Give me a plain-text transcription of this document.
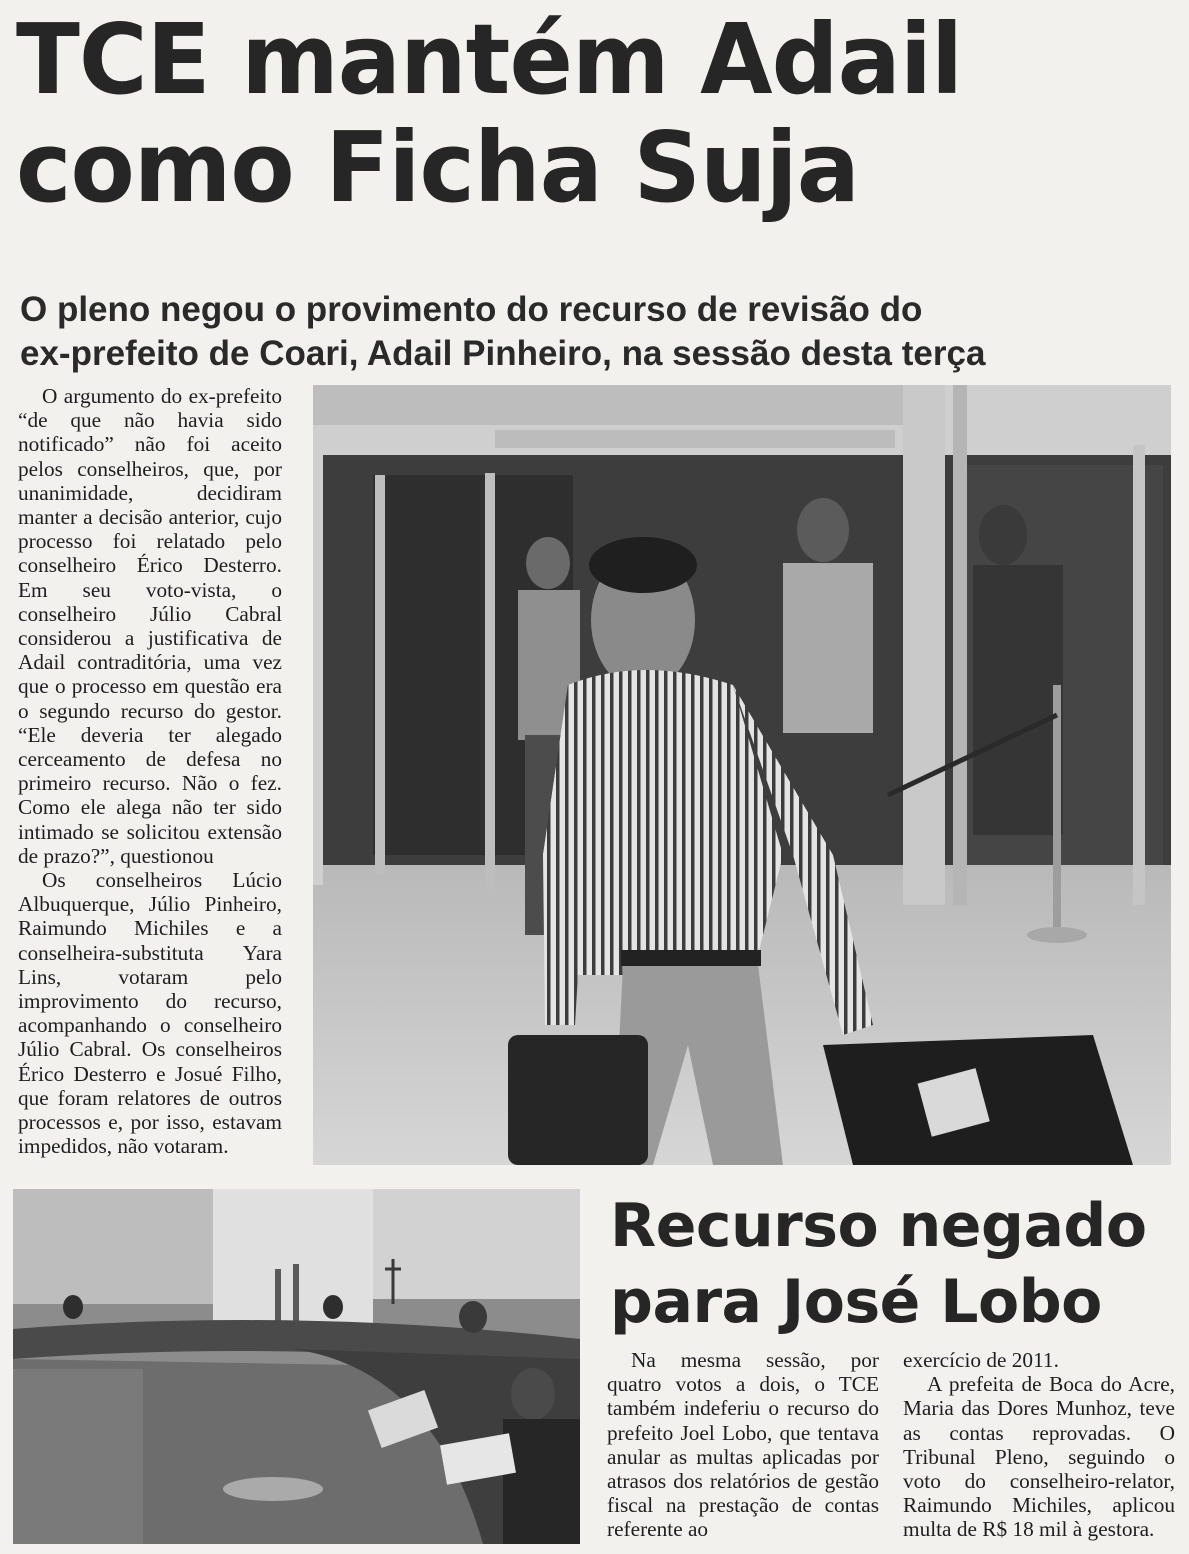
TCE mantém Adail
como Ficha Suja
O pleno negou o provimento do recurso de revisão do
ex-prefeito de Coari, Adail Pinheiro, na sessão desta terça

O argumento do ex-prefeito “de que não havia sido notificado” não foi aceito pelos conselheiros, que, por unanimidade, decidiram manter a decisão anterior, cujo processo foi relatado pelo conselheiro Érico Desterro. Em seu voto-vista, o conselheiro Júlio Cabral considerou a justificativa de Adail contraditória, uma vez que o processo em questão era o segundo recurso do gestor. “Ele deveria ter alegado cerceamento de defesa no primeiro recurso. Não o fez. Como ele alega não ter sido intimado se solicitou extensão de prazo?”, questionou

Os conselheiros Lúcio Albuquerque, Júlio Pinheiro, Raimundo Michiles e a conselheira-substituta Yara Lins, votaram pelo improvimento do recurso, acompanhando o conselheiro Júlio Cabral. Os conselheiros Érico Desterro e Josué Filho, que foram relatores de outros processos e, por isso, estavam impedidos, não votaram.

Recurso negado
para José Lobo

Na mesma sessão, por quatro votos a dois, o TCE também indeferiu o recurso do prefeito Joel Lobo, que tentava anular as multas aplicadas por atrasos dos relatórios de gestão fiscal na prestação de contas referente ao

exercício de 2011.

A prefeita de Boca do Acre, Maria das Dores Munhoz, teve as contas reprovadas. O Tribunal Pleno, seguindo o voto do conselheiro-relator, Raimundo Michiles, aplicou multa de R$ 18 mil à gestora.
